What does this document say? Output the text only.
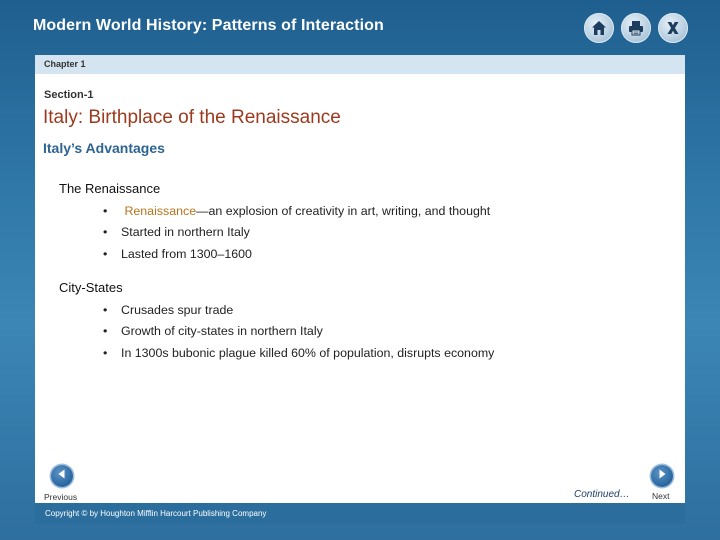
Modern World History: Patterns of Interaction
Chapter 1
Section-1
Italy: Birthplace of the Renaissance
Italy’s Advantages
The Renaissance
• Renaissance—an explosion of creativity in art, writing, and thought
• Started in northern Italy
• Lasted from 1300–1600
City-States
• Crusades spur trade
• Growth of city-states in northern Italy
• In 1300s bubonic plague killed 60% of population, disrupts economy
Previous	Continued…	Next
Copyright © by Houghton Mifflin Harcourt Publishing Company
